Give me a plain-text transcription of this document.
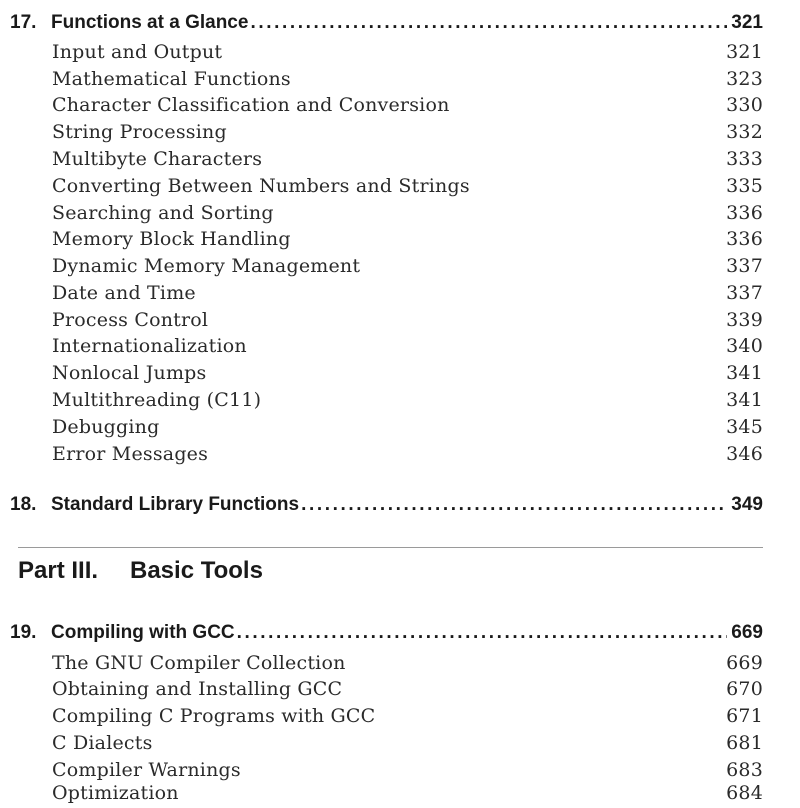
17. Functions at a Glance .....	321
Input and Output	321
Mathematical Functions	323
Character Classification and Conversion	330
String Processing	332
Multibyte Characters	333
Converting Between Numbers and Strings	335
Searching and Sorting	336
Memory Block Handling	336
Dynamic Memory Management	337
Date and Time	337
Process Control	339
Internationalization	340
Nonlocal Jumps	341
Multithreading (C11)	341
Debugging	345
Error Messages	346
18. Standard Library Functions .....	349
Part III.	Basic Tools
19. Compiling with GCC .....	669
The GNU Compiler Collection	669
Obtaining and Installing GCC	670
Compiling C Programs with GCC	671
C Dialects	681
Compiler Warnings	683
Optimization	684
